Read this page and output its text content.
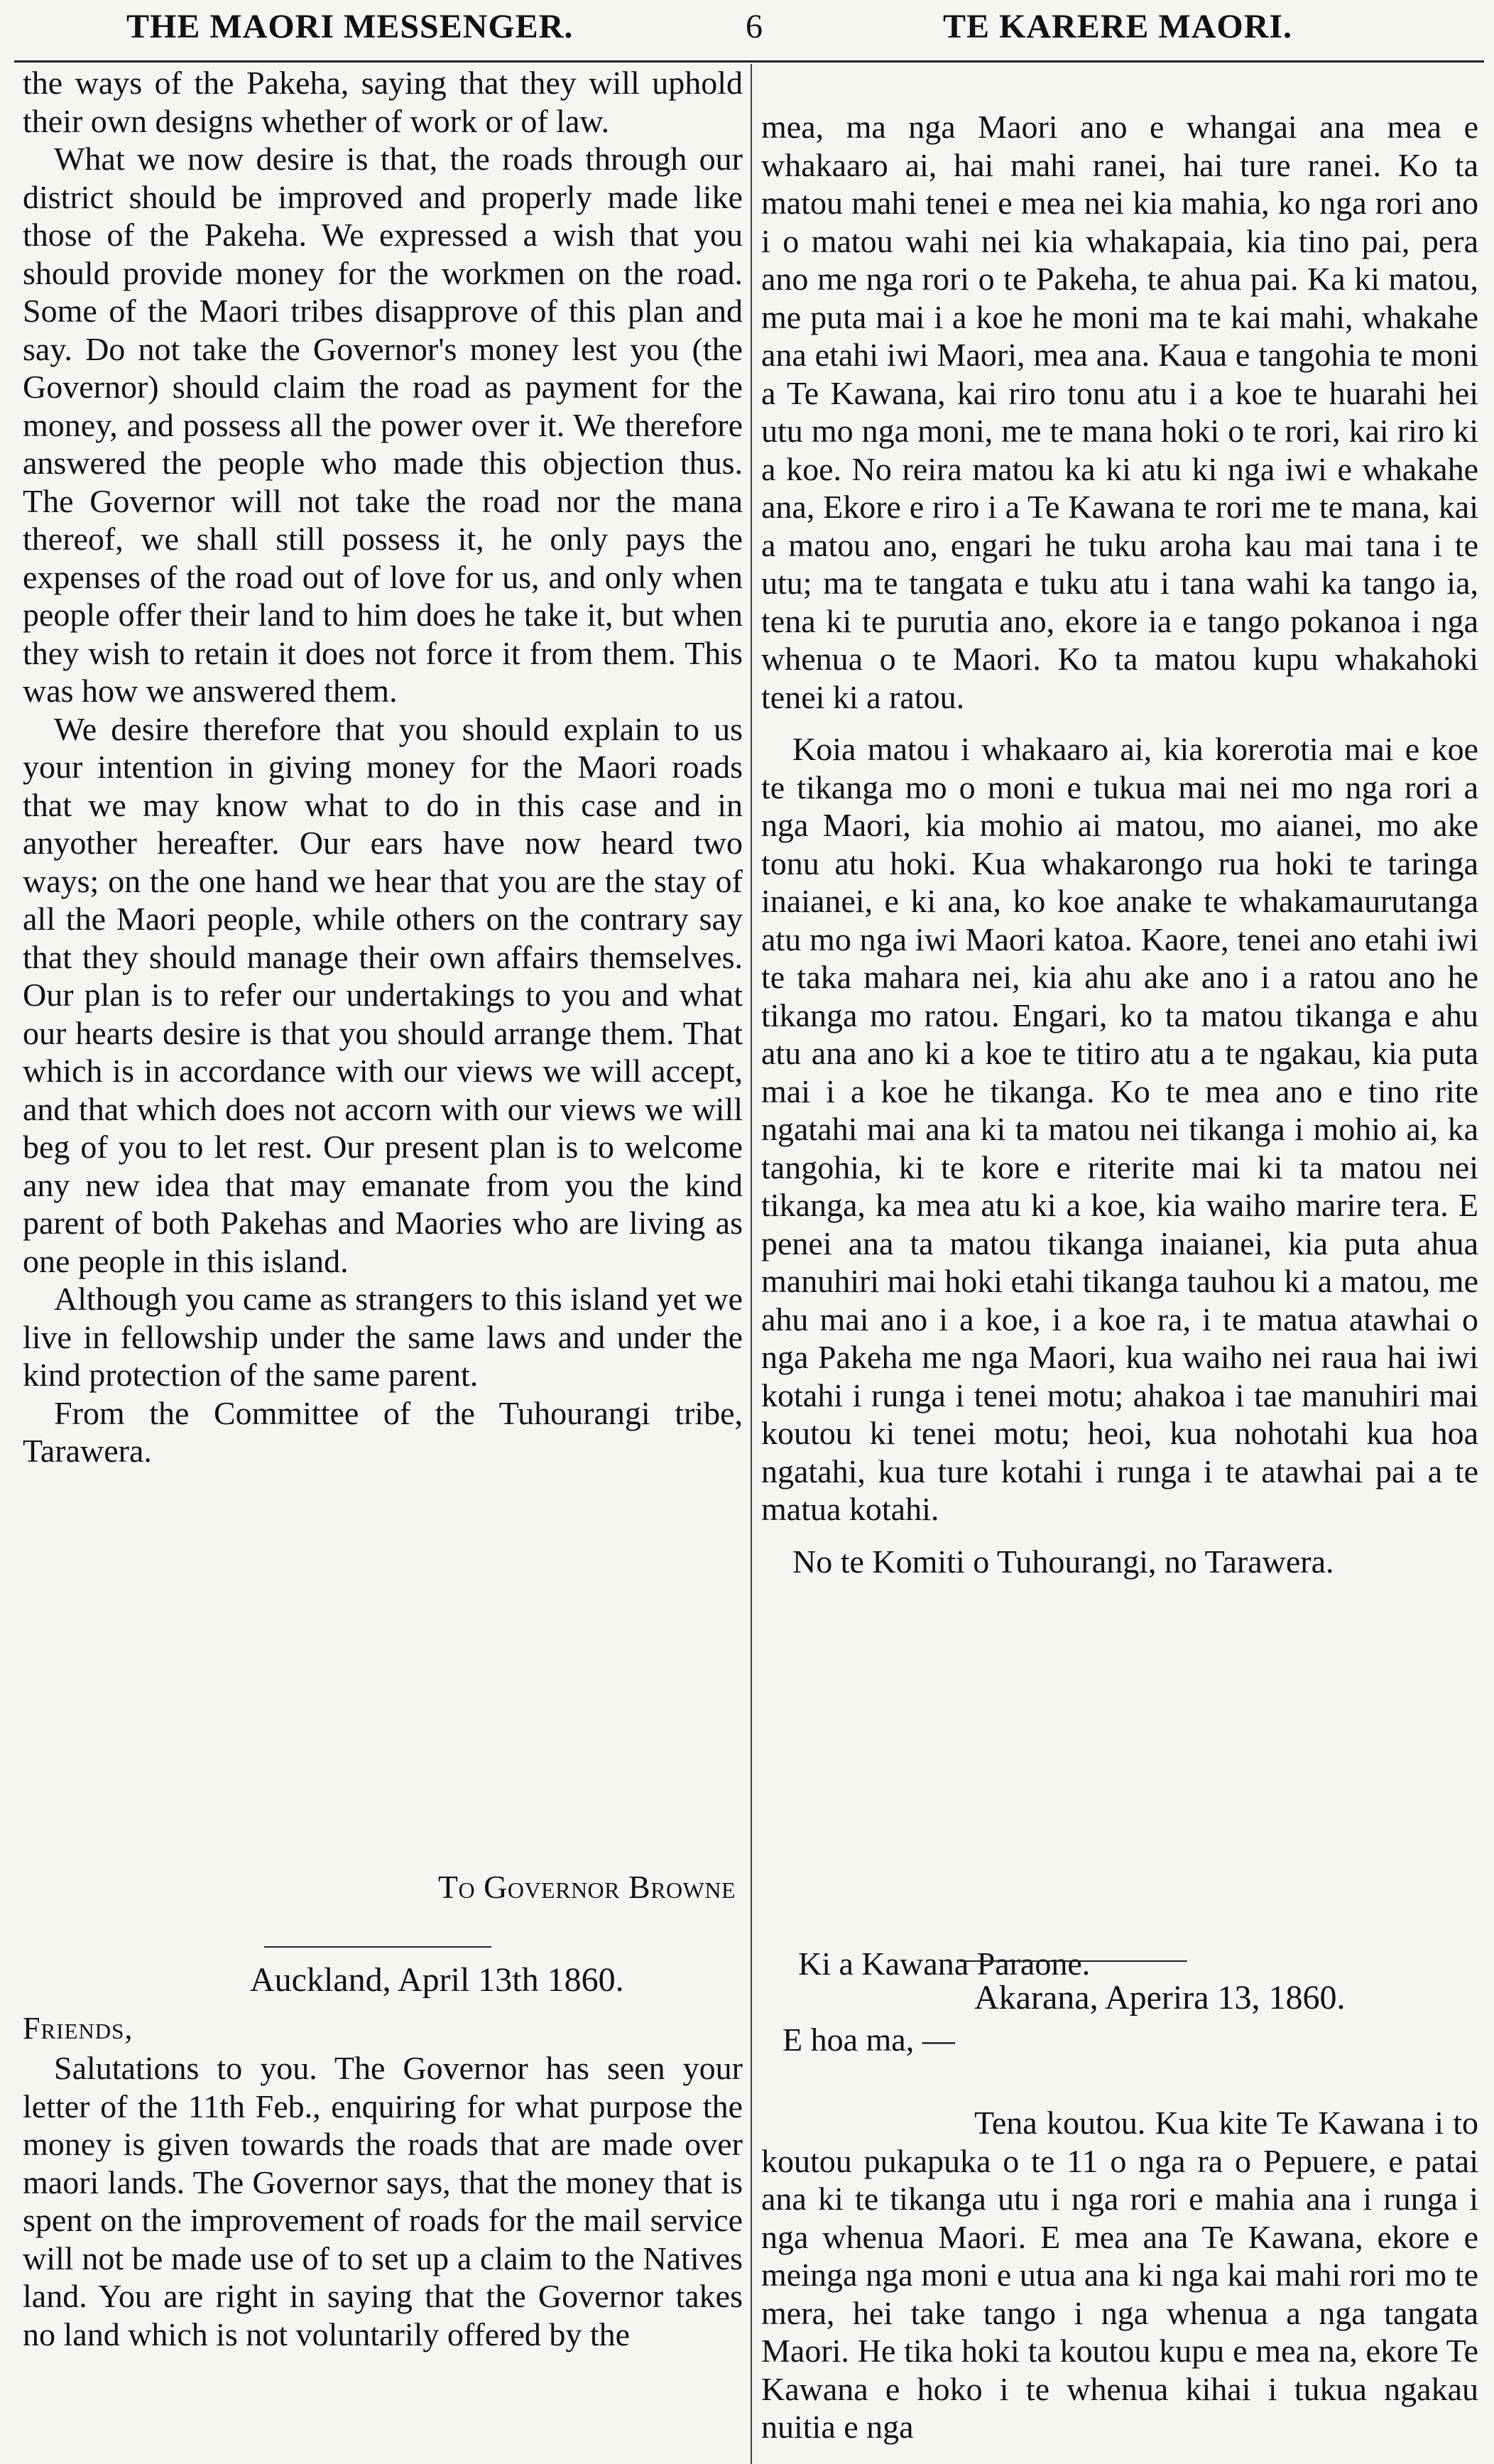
THE MAORI MESSENGER.	6	TE KARERE MAORI.

the ways of the Pakeha, saying that they will uphold their own designs whether of work or of law.

What we now desire is that, the roads through our district should be improved and properly made like those of the Pakeha. We expressed a wish that you should provide money for the workmen on the road. Some of the Maori tribes disapprove of this plan and say. Do not take the Governor's money lest you (the Governor) should claim the road as payment for the money, and possess all the power over it. We therefore answered the people who made this objection thus. The Governor will not take the road nor the mana thereof, we shall still possess it, he only pays the expenses of the road out of love for us, and only when people offer their land to him does he take it, but when they wish to retain it does not force it from them. This was how we answered them.

We desire therefore that you should explain to us your intention in giving money for the Maori roads that we may know what to do in this case and in anyother hereafter. Our ears have now heard two ways; on the one hand we hear that you are the stay of all the Maori people, while others on the contrary say that they should manage their own affairs themselves. Our plan is to refer our undertakings to you and what our hearts desire is that you should arrange them. That which is in accordance with our views we will accept, and that which does not accorn with our views we will beg of you to let rest. Our present plan is to welcome any new idea that may emanate from you the kind parent of both Pakehas and Maories who are living as one people in this island.

Although you came as strangers to this island yet we live in fellowship under the same laws and under the kind protection of the same parent.

From the Committee of the Tuhourangi tribe, Tarawera.

To Governor Browne
Auckland, April 13th 1860.
Friends,

Salutations to you. The Governor has seen your letter of the 11th Feb., enquiring for what purpose the money is given towards the roads that are made over maori lands. The Governor says, that the money that is spent on the improvement of roads for the mail service will not be made use of to set up a claim to the Natives land. You are right in saying that the Governor takes no land which is not voluntarily offered by the

mea, ma nga Maori ano e whangai ana mea e whakaaro ai, hai mahi ranei, hai ture ranei. Ko ta matou mahi tenei e mea nei kia mahia, ko nga rori ano i o matou wahi nei kia whakapaia, kia tino pai, pera ano me nga rori o te Pakeha, te ahua pai. Ka ki matou, me puta mai i a koe he moni ma te kai mahi, whakahe ana etahi iwi Maori, mea ana. Kaua e tangohia te moni a Te Kawana, kai riro tonu atu i a koe te huarahi hei utu mo nga moni, me te mana hoki o te rori, kai riro ki a koe. No reira matou ka ki atu ki nga iwi e whakahe ana, Ekore e riro i a Te Kawana te rori me te mana, kai a matou ano, engari he tuku aroha kau mai tana i te utu; ma te tangata e tuku atu i tana wahi ka tango ia, tena ki te purutia ano, ekore ia e tango pokanoa i nga whenua o te Maori. Ko ta matou kupu whakahoki tenei ki a ratou.

Koia matou i whakaaro ai, kia korerotia mai e koe te tikanga mo o moni e tukua mai nei mo nga rori a nga Maori, kia mohio ai matou, mo aianei, mo ake tonu atu hoki. Kua whakarongo rua hoki te taringa inaianei, e ki ana, ko koe anake te whakamaurutanga atu mo nga iwi Maori katoa. Kaore, tenei ano etahi iwi te taka mahara nei, kia ahu ake ano i a ratou ano he tikanga mo ratou. Engari, ko ta matou tikanga e ahu atu ana ano ki a koe te titiro atu a te ngakau, kia puta mai i a koe he tikanga. Ko te mea ano e tino rite ngatahi mai ana ki ta matou nei tikanga i mohio ai, ka tangohia, ki te kore e riterite mai ki ta matou nei tikanga, ka mea atu ki a koe, kia waiho marire tera. E penei ana ta matou tikanga inaianei, kia puta ahua manuhiri mai hoki etahi tikanga tauhou ki a matou, me ahu mai ano i a koe, i a koe ra, i te matua atawhai o nga Pakeha me nga Maori, kua waiho nei raua hai iwi kotahi i runga i tenei motu; ahakoa i tae manuhiri mai koutou ki tenei motu; heoi, kua nohotahi kua hoa ngatahi, kua ture kotahi i runga i te atawhai pai a te matua kotahi.

No te Komiti o Tuhourangi, no Tarawera.

Ki a Kawana Paraone.
Akarana, Aperira 13, 1860.
E hoa ma, —

Tena koutou. Kua kite Te Kawana i to koutou pukapuka o te 11 o nga ra o Pepuere, e patai ana ki te tikanga utu i nga rori e mahia ana i runga i nga whenua Maori. E mea ana Te Kawana, ekore e meinga nga moni e utua ana ki nga kai mahi rori mo te mera, hei take tango i nga whenua a nga tangata Maori. He tika hoki ta koutou kupu e mea na, ekore Te Kawana e hoko i te whenua kihai i tukua ngakau nuitia e nga
